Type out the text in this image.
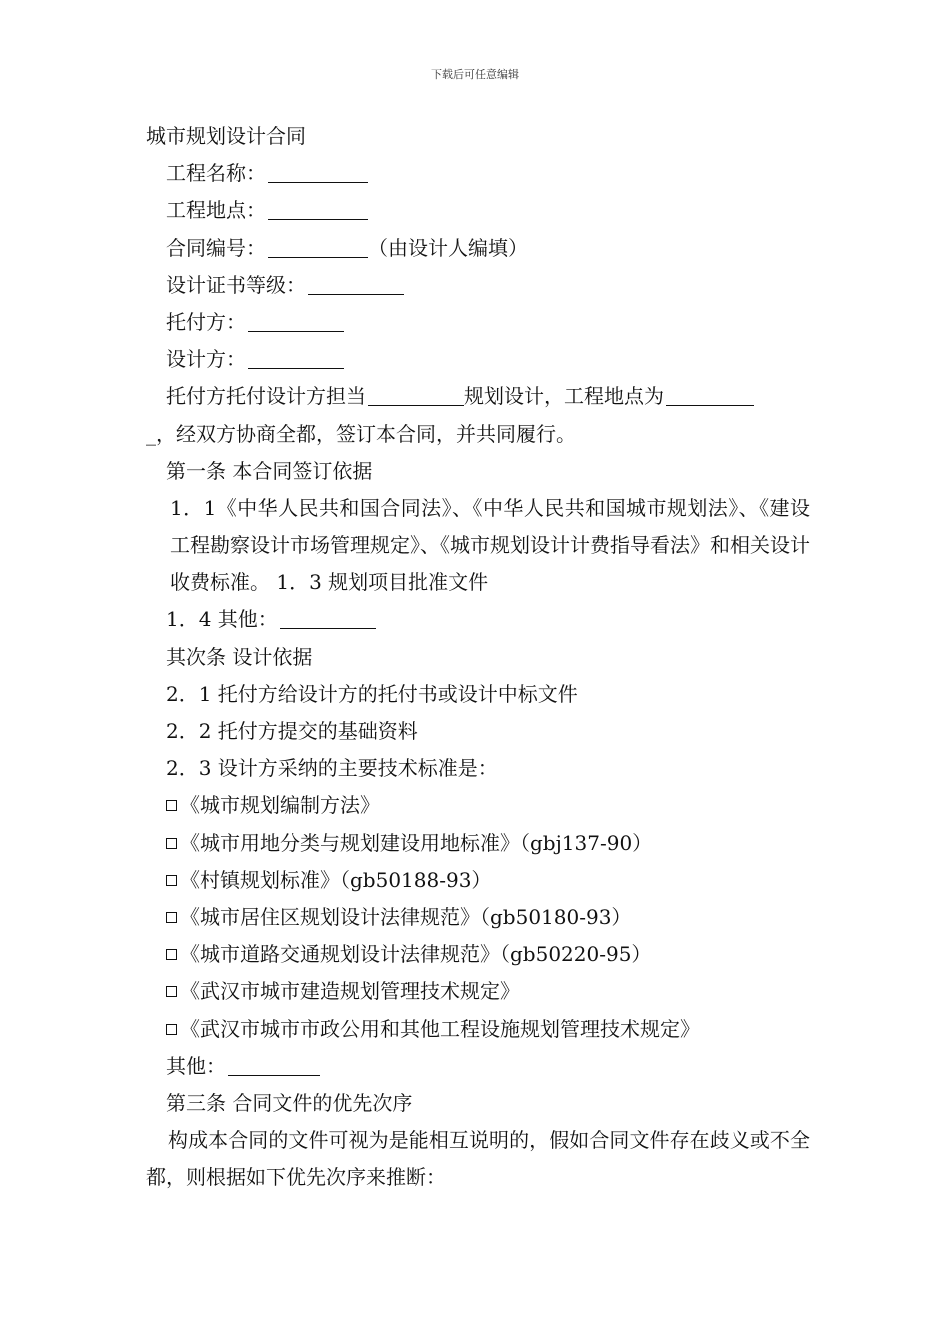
下载后可任意编辑
城市规划设计合同
工程名称：
工程地点：
合同编号：	（由设计人编填）
设计证书等级：
托付方：
设计方：
托付方托付设计方担当	规划设计，工程地点为
_，经双方协商全都，签订本合同，并共同履行。
第一条 本合同签订依据
1．1《中华人民共和国合同法》、《中华人民共和国城市规划法》、《建设工程勘察设计市场管理规定》、《城市规划设计计费指导看法》和相关设计收费标准。 1．3 规划项目批准文件
1．4 其他：
其次条 设计依据
2．1 托付方给设计方的托付书或设计中标文件
2．2 托付方提交的基础资料
2．3 设计方采纳的主要技术标准是：
《城市规划编制方法》
《城市用地分类与规划建设用地标准》（gbj137-90）
《村镇规划标准》（gb50188-93）
《城市居住区规划设计法律规范》（gb50180-93）
《城市道路交通规划设计法律规范》（gb50220-95）
《武汉市城市建造规划管理技术规定》
《武汉市城市市政公用和其他工程设施规划管理技术规定》
其他：
第三条 合同文件的优先次序
构成本合同的文件可视为是能相互说明的，假如合同文件存在歧义或不全都，则根据如下优先次序来推断：
